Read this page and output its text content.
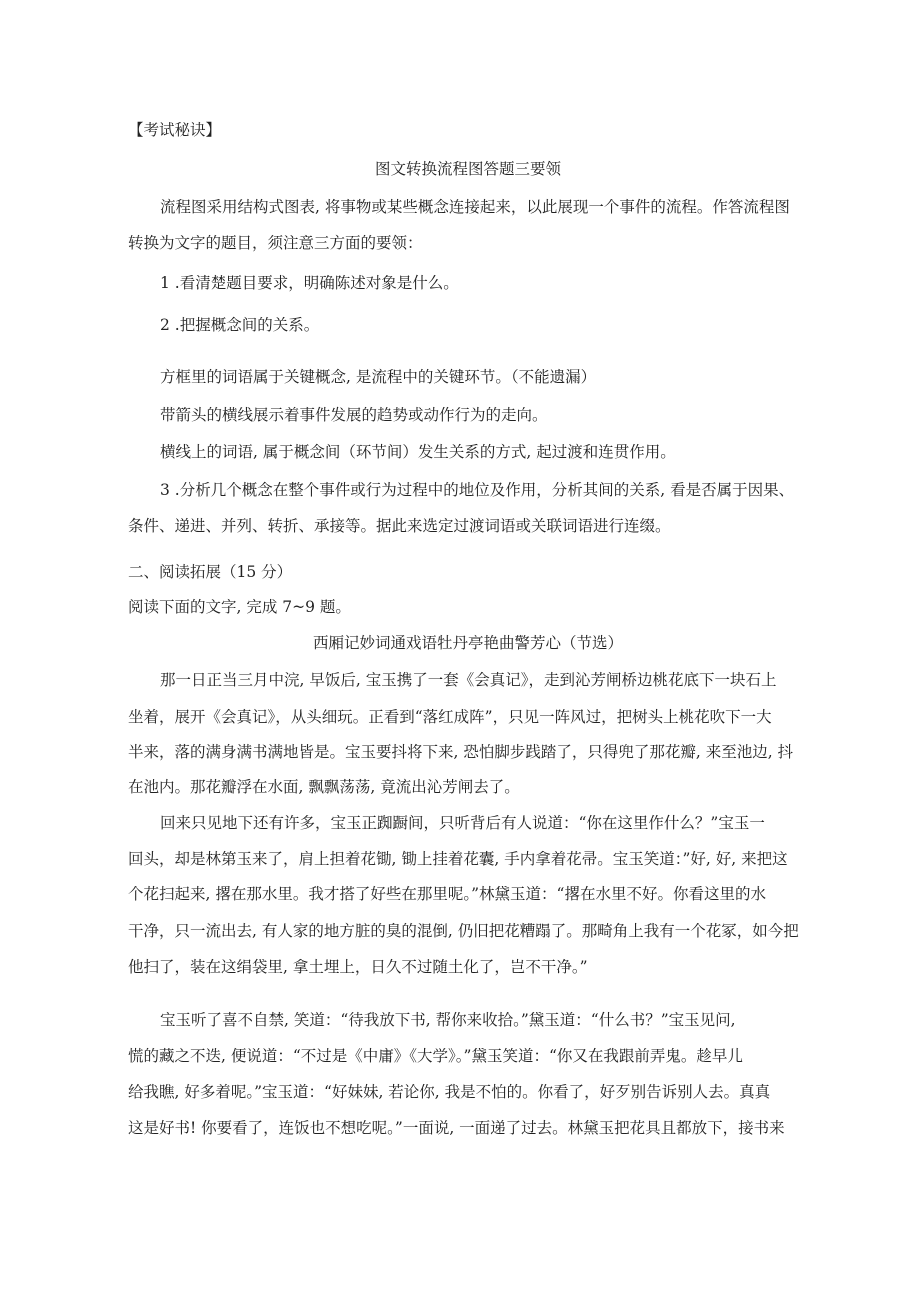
【考试秘诀】

图文转换流程图答题三要领

流程图采用结构式图表, 将事物或某些概念连接起来，以此展现一个事件的流程。作答流程图

转换为文字的题目，须注意三方面的要领：

1 .看清楚题目要求，明确陈述对象是什么。

2 .把握概念间的关系。

方框里的词语属于关键概念, 是流程中的关键环节。（不能遗漏）

带箭头的横线展示着事件发展的趋势或动作行为的走向。

横线上的词语, 属于概念间（环节间）发生关系的方式, 起过渡和连贯作用。

3 .分析几个概念在整个事件或行为过程中的地位及作用，分析其间的关系, 看是否属于因果、

条件、递进、并列、转折、承接等。据此来选定过渡词语或关联词语进行连缀。

二、阅读拓展（15 分）

阅读下面的文字, 完成 7~9 题。

西厢记妙词通戏语牡丹亭艳曲警芳心（节选）

那一日正当三月中浣, 早饭后, 宝玉携了一套《会真记》，走到沁芳闸桥边桃花底下一块石上

坐着，展开《会真记》，从头细玩。正看到“落红成阵”，只见一阵风过，把树头上桃花吹下一大

半来，落的满身满书满地皆是。宝玉要抖将下来, 恐怕脚步践踏了，只得兜了那花瓣, 来至池边, 抖

在池内。那花瓣浮在水面, 飘飘荡荡, 竟流出沁芳闸去了。

回来只见地下还有许多，宝玉正踟蹰间，只听背后有人说道：“你在这里作什么？”宝玉一

回头，却是林第玉来了，肩上担着花锄, 锄上挂着花囊, 手内拿着花帚。宝玉笑道：”好, 好, 来把这

个花扫起来, 撂在那水里。我才搭了好些在那里呢。”林黛玉道：“撂在水里不好。你看这里的水

干净，只一流出去, 有人家的地方脏的臭的混倒, 仍旧把花糟蹋了。那畸角上我有一个花冢，如今把

他扫了，装在这绢袋里, 拿土埋上，日久不过随土化了，岂不干净。”

宝玉听了喜不自禁, 笑道：“待我放下书, 帮你来收拾。”黛玉道：“什么书？”宝玉见问,

慌的藏之不迭, 便说道：“不过是《中庸》《大学》。”黛玉笑道：“你又在我跟前弄鬼。趁早儿

给我瞧, 好多着呢。”宝玉道：“好妹妹, 若论你, 我是不怕的。你看了，好歹别告诉别人去。真真

这是好书! 你要看了，连饭也不想吃呢。”一面说, 一面递了过去。林黛玉把花具且都放下，接书来
